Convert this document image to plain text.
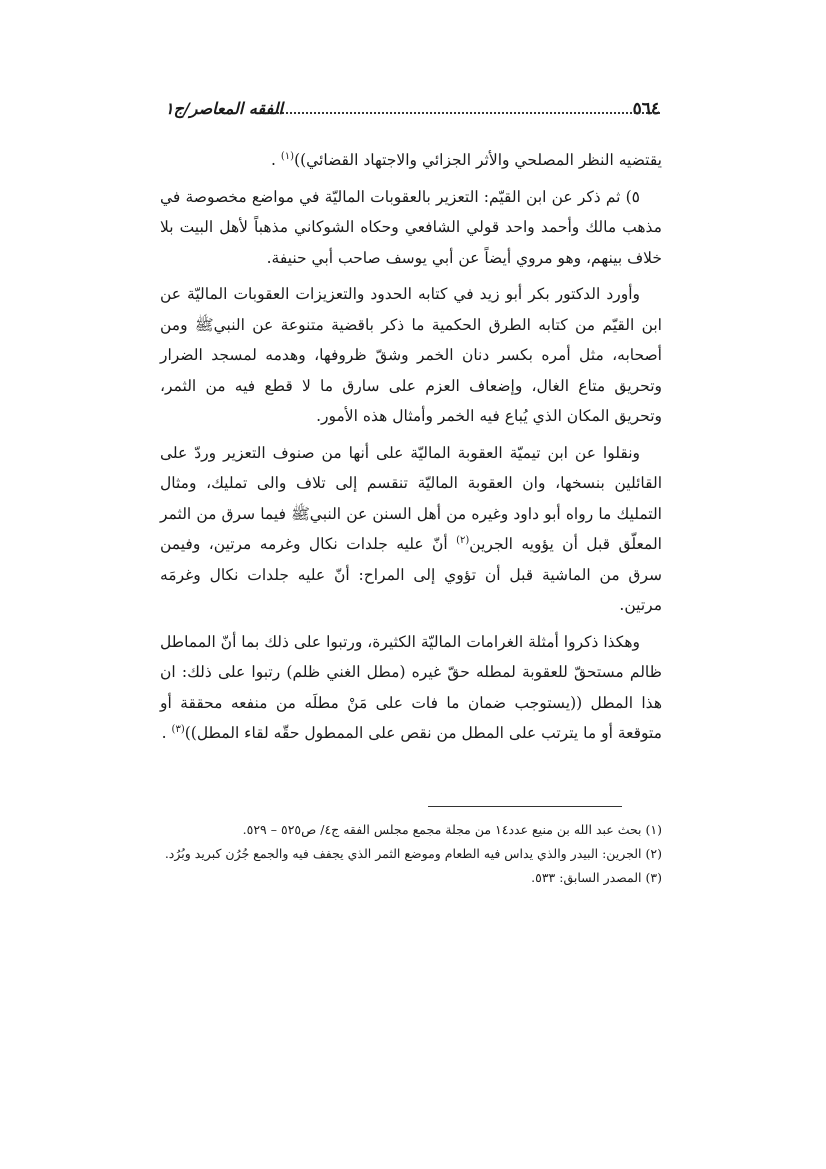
٥٦٤
الفقه المعاصر/ج١

يقتضيه النظر المصلحي والأثر الجزائي والاجتهاد القضائي))$^{(١)}$ .

٥) ثم ذكر عن ابن القيّم: التعزير بالعقوبات الماليّة في مواضع مخصوصة في مذهب مالك وأحمد واحد قولي الشافعي وحكاه الشوكاني مذهباً لأهل البيت بلا خلاف بينهم، وهو مروي أيضاً عن أبي يوسف صاحب أبي حنيفة.

وأورد الدكتور بكر أبو زيد في كتابه الحدود والتعزيزات العقوبات الماليّة عن ابن القيّم من كتابه الطرق الحكمية ما ذكر باقضية متنوعة عن النبيﷺ ومن أصحابه، مثل أمره بكسر دنان الخمر وشقّ ظروفها، وهدمه لمسجد الضرار وتحريق متاع الغال، وإضعاف العزم على سارق ما لا قطع فيه من الثمر، وتحريق المكان الذي يُباع فيه الخمر وأمثال هذه الأمور.

ونقلوا عن ابن تيميّة العقوبة الماليّة على أنها من صنوف التعزير وردّ على القائلين بنسخها، وان العقوبة الماليّة تنقسم إلى تلاف والى تمليك، ومثال التمليك ما رواه أبو داود وغيره من أهل السنن عن النبيﷺ فيما سرق من الثمر المعلّق قبل أن يؤويه الجرين$^{(٢)}$ أنّ عليه جلدات نكال وغرمه مرتين، وفيمن سرق من الماشية قبل أن تؤوي إلى المراح: أنّ عليه جلدات نكال وغرمَه مرتين.

وهكذا ذكروا أمثلة الغرامات الماليّة الكثيرة، ورتبوا على ذلك بما أنّ المماطل ظالم مستحقّ للعقوبة لمطله حقّ غيره (مطل الغني ظلم) رتبوا على ذلك: ان هذا المطل ((يستوجب ضمان ما فات على مَنْ مطلَه من منفعه محققة أو متوقعة أو ما يترتب على المطل من نقص على الممطول حقّه لقاء المطل))$^{(٣)}$ .

(١) بحث عبد الله بن منيع عدد١٤ من مجلة مجمع مجلس الفقه ج٤/ ص٥٢٥ – ٥٢٩.
(٢) الجرين: البيدر والذي يداس فيه الطعام وموضع الثمر الذي يجفف فيه والجمع جُرُن كبريد وبُرُد.
(٣) المصدر السابق: ٥٣٣.
